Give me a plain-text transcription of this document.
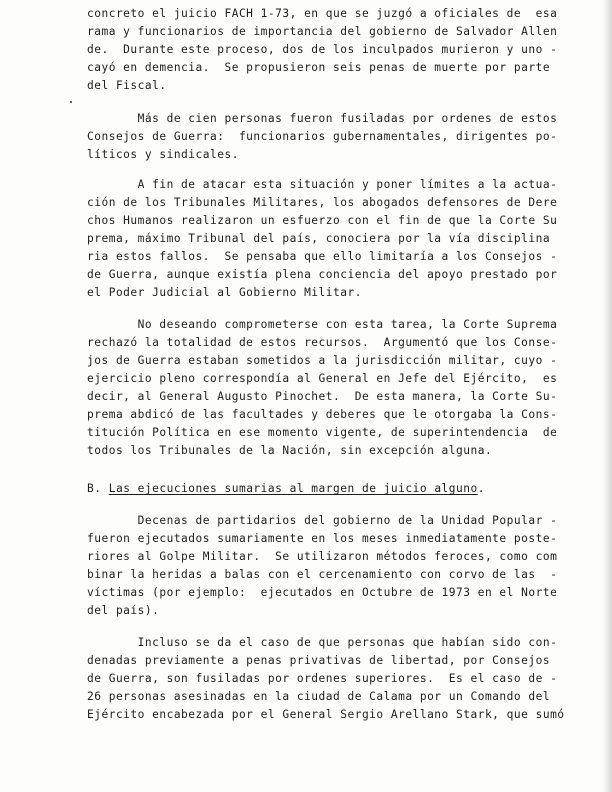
concreto el juicio FACH 1-73, en que se juzgó a oficiales de  esa
rama y funcionarios de importancia del gobierno de Salvador Allen
de.  Durante este proceso, dos de los inculpados murieron y uno -
cayó en demencia.  Se propusieron seis penas de muerte por parte
del Fiscal.
Más de cien personas fueron fusiladas por ordenes de estos
Consejos de Guerra:  funcionarios gubernamentales, dirigentes po-
líticos y sindicales.
A fin de atacar esta situación y poner límites a la actua-
ción de los Tribunales Militares, los abogados defensores de Dere
chos Humanos realizaron un esfuerzo con el fin de que la Corte Su
prema, máximo Tribunal del país, conociera por la vía disciplina
ria estos fallos.  Se pensaba que ello limitaría a los Consejos -
de Guerra, aunque existía plena conciencia del apoyo prestado por
el Poder Judicial al Gobierno Militar.
No deseando comprometerse con esta tarea, la Corte Suprema
rechazó la totalidad de estos recursos.  Argumentó que los Conse-
jos de Guerra estaban sometidos a la jurisdicción militar, cuyo -
ejercicio pleno correspondía al General en Jefe del Ejército,  es
decir, al General Augusto Pinochet.  De esta manera, la Corte Su-
prema abdicó de las facultades y deberes que le otorgaba la Cons-
titución Política en ese momento vigente, de superintendencia  de
todos los Tribunales de la Nación, sin excepción alguna.
B. Las ejecuciones sumarias al margen de juicio alguno.
Decenas de partidarios del gobierno de la Unidad Popular -
fueron ejecutados sumariamente en los meses inmediatamente poste-
riores al Golpe Militar.  Se utilizaron métodos feroces, como com
binar la heridas a balas con el cercenamiento con corvo de las  -
víctimas (por ejemplo:  ejecutados en Octubre de 1973 en el Norte
del país).
Incluso se da el caso de que personas que habían sido con-
denadas previamente a penas privativas de libertad, por Consejos
de Guerra, son fusiladas por ordenes superiores.  Es el caso de -
26 personas asesinadas en la ciudad de Calama por un Comando del
Ejército encabezada por el General Sergio Arellano Stark, que sumó
